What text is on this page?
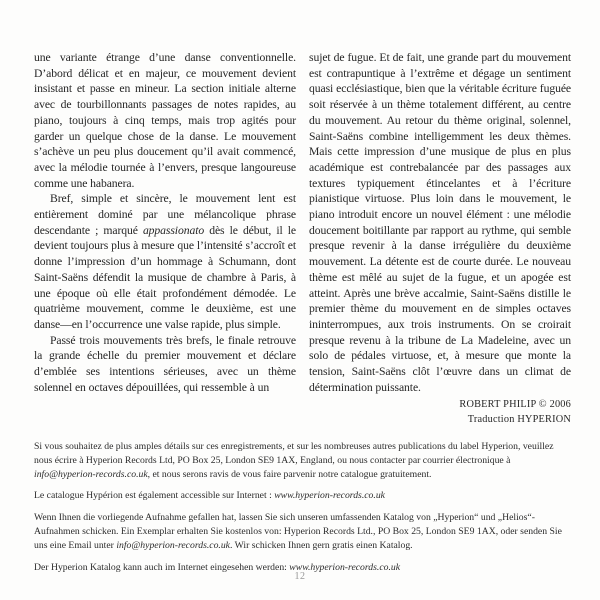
une variante étrange d’une danse conventionnelle. D’abord délicat et en majeur, ce mouvement devient insistant et passe en mineur. La section initiale alterne avec de tourbillonnants passages de notes rapides, au piano, toujours à cinq temps, mais trop agités pour garder un quelque chose de la danse. Le mouvement s’achève un peu plus doucement qu’il avait commencé, avec la mélodie tournée à l’envers, presque langoureuse comme une habanera.

Bref, simple et sincère, le mouvement lent est entièrement dominé par une mélancolique phrase descendante ; marqué appassionato dès le début, il le devient toujours plus à mesure que l’intensité s’accroît et donne l’impression d’un hommage à Schumann, dont Saint-Saëns défendit la musique de chambre à Paris, à une époque où elle était profondément démodée. Le quatrième mouvement, comme le deuxième, est une danse—en l’occurrence une valse rapide, plus simple.

Passé trois mouvements très brefs, le finale retrouve la grande échelle du premier mouvement et déclare d’emblée ses intentions sérieuses, avec un thème solennel en octaves dépouillées, qui ressemble à un

sujet de fugue. Et de fait, une grande part du mouvement est contrapuntique à l’extrême et dégage un sentiment quasi ecclésiastique, bien que la véritable écriture fuguée soit réservée à un thème totalement différent, au centre du mouvement. Au retour du thème original, solennel, Saint-Saëns combine intelligemment les deux thèmes. Mais cette impression d’une musique de plus en plus académique est contrebalancée par des passages aux textures typiquement étincelantes et à l’écriture pianistique virtuose. Plus loin dans le mouvement, le piano introduit encore un nouvel élément : une mélodie doucement boitillante par rapport au rythme, qui semble presque revenir à la danse irrégulière du deuxième mouvement. La détente est de courte durée. Le nouveau thème est mêlé au sujet de la fugue, et un apogée est atteint. Après une brève accalmie, Saint-Saëns distille le premier thème du mouvement en de simples octaves ininterrompues, aux trois instruments. On se croirait presque revenu à la tribune de La Madeleine, avec un solo de pédales virtuose, et, à mesure que monte la tension, Saint-Saëns clôt l’œuvre dans un climat de détermination puissante.

ROBERT PHILIP © 2006

Traduction HYPERION

Si vous souhaitez de plus amples détails sur ces enregistrements, et sur les nombreuses autres publications du label Hyperion, veuillez nous écrire à Hyperion Records Ltd, PO Box 25, London SE9 1AX, England, ou nous contacter par courrier électronique à info@hyperion-records.co.uk, et nous serons ravis de vous faire parvenir notre catalogue gratuitement.

Le catalogue Hypérion est également accessible sur Internet : www.hyperion-records.co.uk

Wenn Ihnen die vorliegende Aufnahme gefallen hat, lassen Sie sich unseren umfassenden Katalog von „Hyperion“ und „Helios“-Aufnahmen schicken. Ein Exemplar erhalten Sie kostenlos von: Hyperion Records Ltd., PO Box 25, London SE9 1AX, oder senden Sie uns eine Email unter info@hyperion-records.co.uk. Wir schicken Ihnen gern gratis einen Katalog.

Der Hyperion Katalog kann auch im Internet eingesehen werden: www.hyperion-records.co.uk

12
